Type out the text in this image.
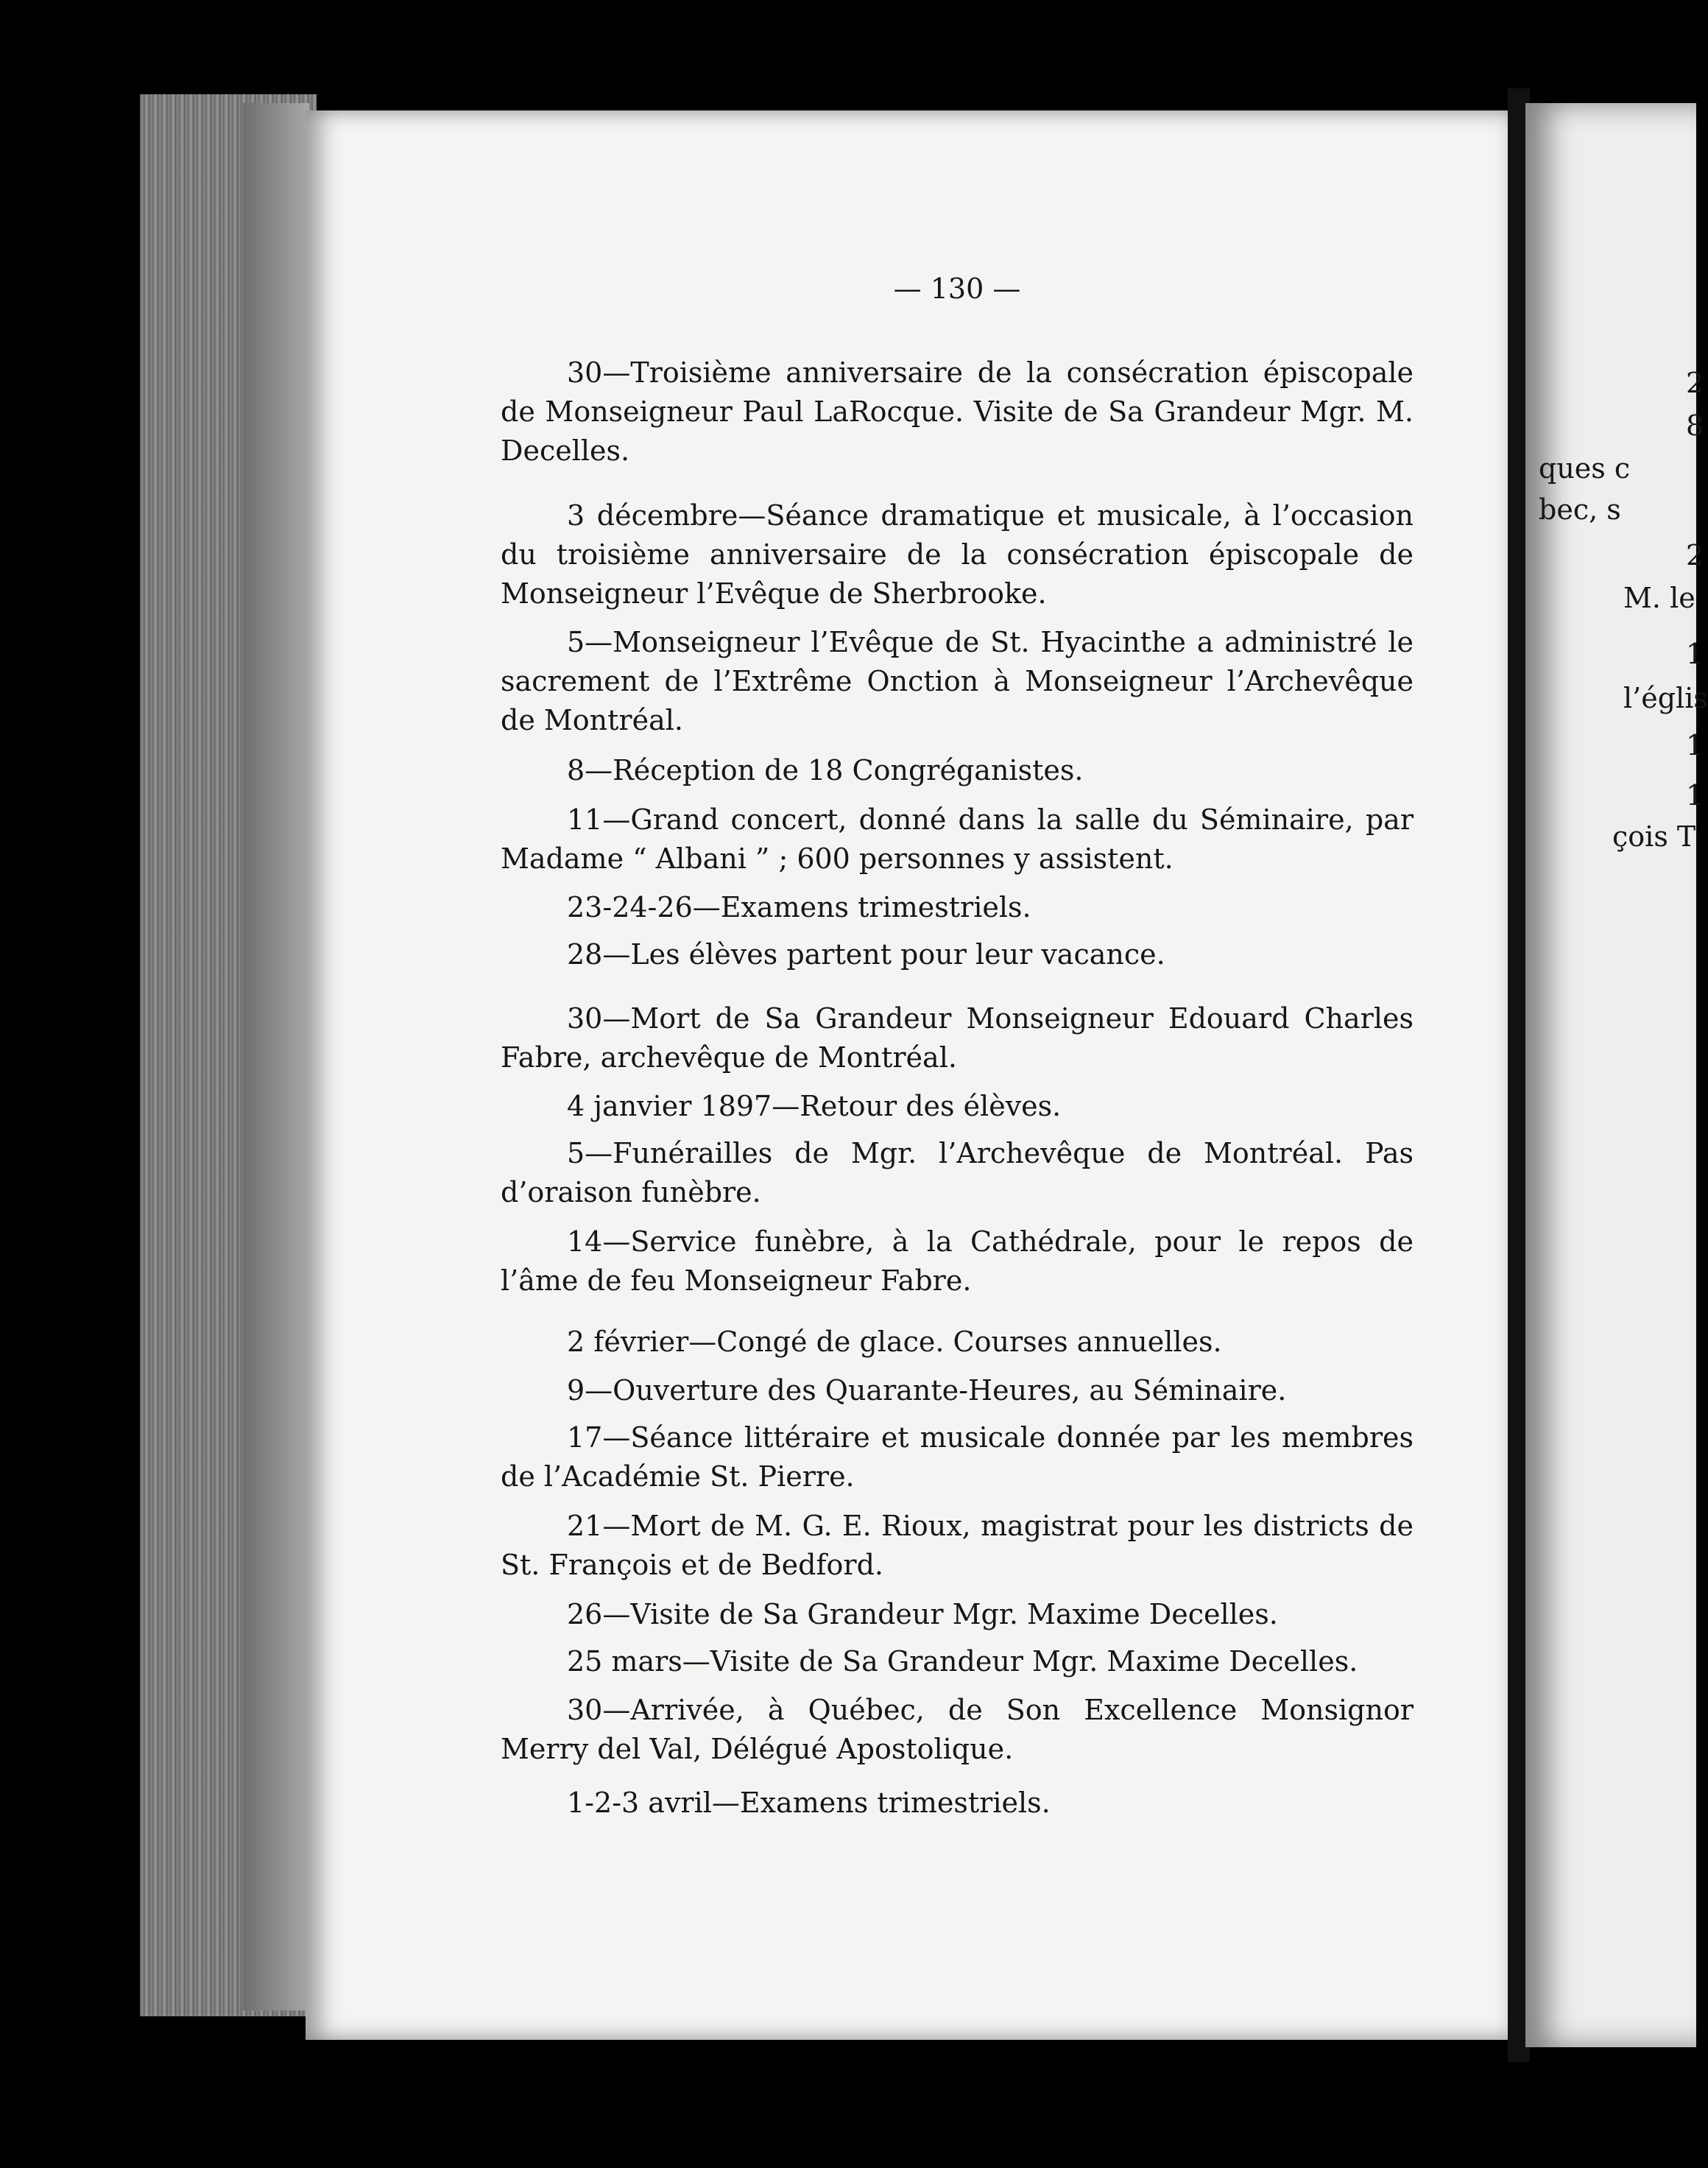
— 130 —

30—Troisième anniversaire de la consécration épiscopale de Monseigneur Paul LaRocque. Visite de Sa Grandeur Mgr. M. Decelles.

3 décembre—Séance dramatique et musicale, à l’occasion du troisième anniversaire de la consécration épiscopale de Monseigneur l’Evêque de Sherbrooke.

5—Monseigneur l’Evêque de St. Hyacinthe a administré le sacrement de l’Extrême Onction à Monseigneur l’Archevêque de Montréal.

8—Réception de 18 Congréganistes.

11—Grand concert, donné dans la salle du Séminaire, par Madame “ Albani ” ; 600 personnes y assistent.

23-24-26—Examens trimestriels.

28—Les élèves partent pour leur vacance.

30—Mort de Sa Grandeur Monseigneur Edouard Charles Fabre, archevêque de Montréal.

4 janvier 1897—Retour des élèves.

5—Funérailles de Mgr. l’Archevêque de Montréal. Pas d’oraison funèbre.

14—Service funèbre, à la Cathédrale, pour le repos de l’âme de feu Monseigneur Fabre.

2 février—Congé de glace. Courses annuelles.

9—Ouverture des Quarante-Heures, au Séminaire.

17—Séance littéraire et musicale donnée par les membres de l’Académie St. Pierre.

21—Mort de M. G. E. Rioux, magistrat pour les districts de St. François et de Bedford.

26—Visite de Sa Grandeur Mgr. Maxime Decelles.

25 mars—Visite de Sa Grandeur Mgr. Maxime Decelles.

30—Arrivée, à Québec, de Son Excellence Monsignor Merry del Val, Délégué Apostolique.

1-2-3 avril—Examens trimestriels.

2
8
ques c
bec, s
2
M. le
1
l’églis
1
1
çois T
